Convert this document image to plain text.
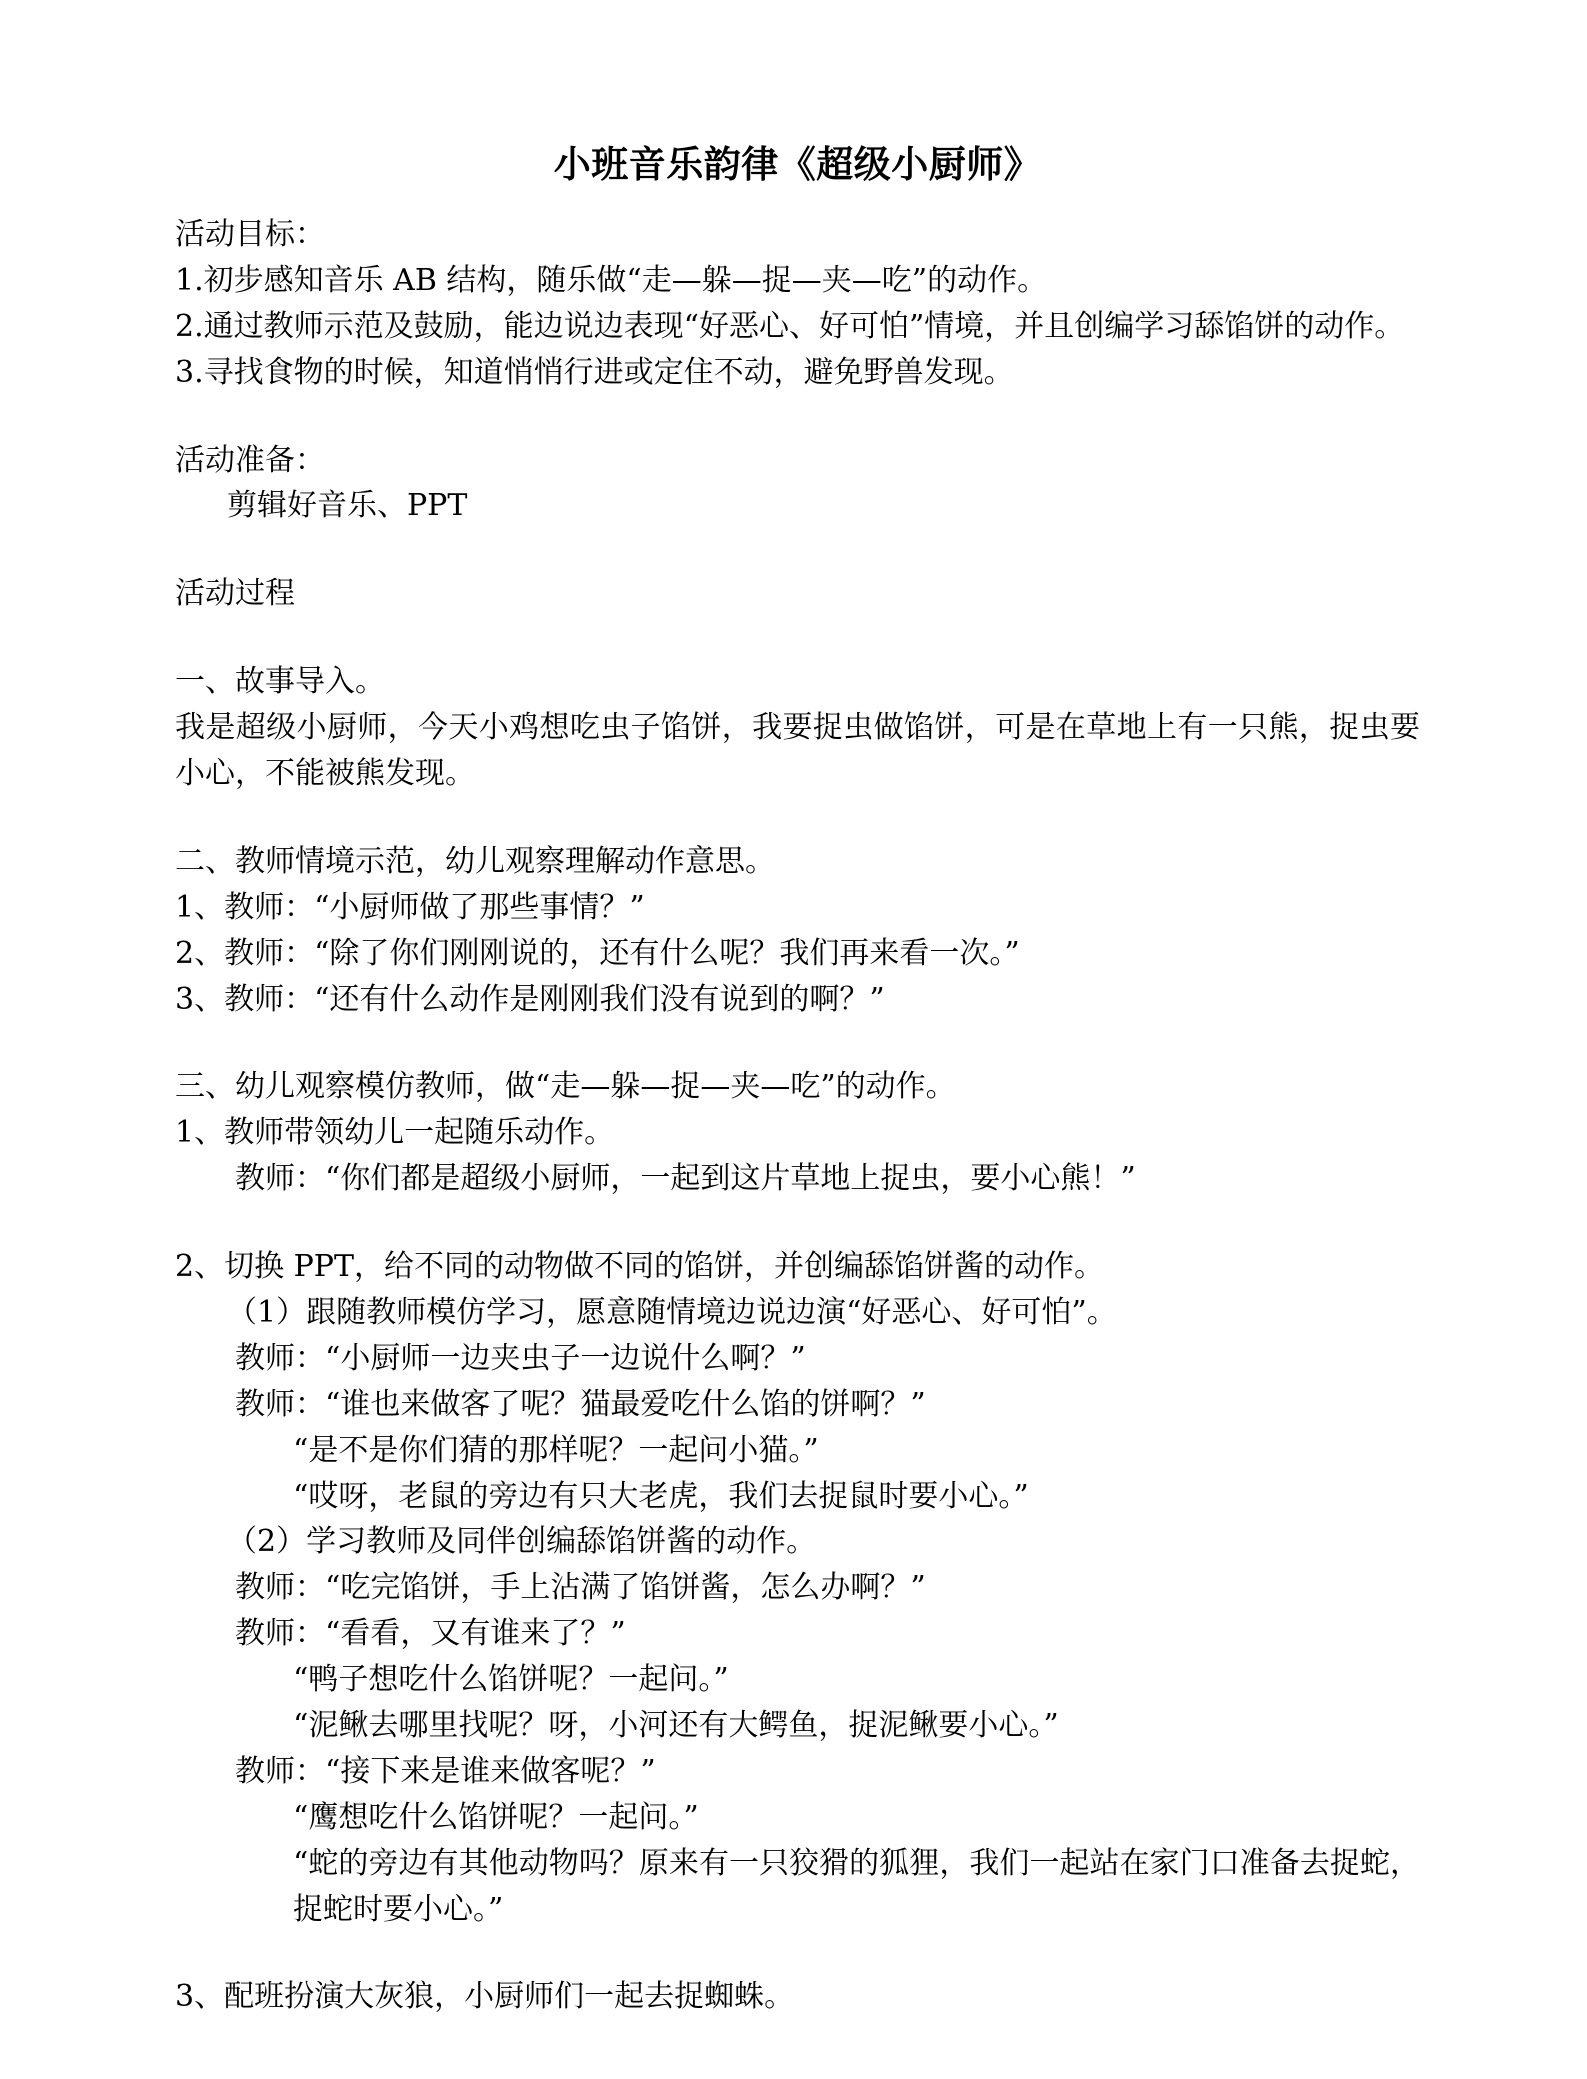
小班音乐韵律《超级小厨师》

活动目标：

1.初步感知音乐 AB 结构，随乐做“走—躲—捉—夹—吃”的动作。

2.通过教师示范及鼓励，能边说边表现“好恶心、好可怕”情境，并且创编学习舔馅饼的动作。

3.寻找食物的时候，知道悄悄行进或定住不动，避免野兽发现。

活动准备：

剪辑好音乐、PPT

活动过程

一、故事导入。

我是超级小厨师，今天小鸡想吃虫子馅饼，我要捉虫做馅饼，可是在草地上有一只熊，捉虫要小心，不能被熊发现。

二、教师情境示范，幼儿观察理解动作意思。

1、教师：“小厨师做了那些事情？”

2、教师：“除了你们刚刚说的，还有什么呢？我们再来看一次。”

3、教师：“还有什么动作是刚刚我们没有说到的啊？”

三、幼儿观察模仿教师，做“走—躲—捉—夹—吃”的动作。

1、教师带领幼儿一起随乐动作。

教师：“你们都是超级小厨师，一起到这片草地上捉虫，要小心熊！”

2、切换 PPT，给不同的动物做不同的馅饼，并创编舔馅饼酱的动作。

（1）跟随教师模仿学习，愿意随情境边说边演“好恶心、好可怕”。

教师：“小厨师一边夹虫子一边说什么啊？”

教师：“谁也来做客了呢？猫最爱吃什么馅的饼啊？”

“是不是你们猜的那样呢？一起问小猫。”

“哎呀，老鼠的旁边有只大老虎，我们去捉鼠时要小心。”

（2）学习教师及同伴创编舔馅饼酱的动作。

教师：“吃完馅饼，手上沾满了馅饼酱，怎么办啊？”

教师：“看看，又有谁来了？”

“鸭子想吃什么馅饼呢？一起问。”

“泥鳅去哪里找呢？呀，小河还有大鳄鱼，捉泥鳅要小心。”

教师：“接下来是谁来做客呢？”

“鹰想吃什么馅饼呢？一起问。”

“蛇的旁边有其他动物吗？原来有一只狡猾的狐狸，我们一起站在家门口准备去捉蛇，捉蛇时要小心。”

3、配班扮演大灰狼，小厨师们一起去捉蜘蛛。
